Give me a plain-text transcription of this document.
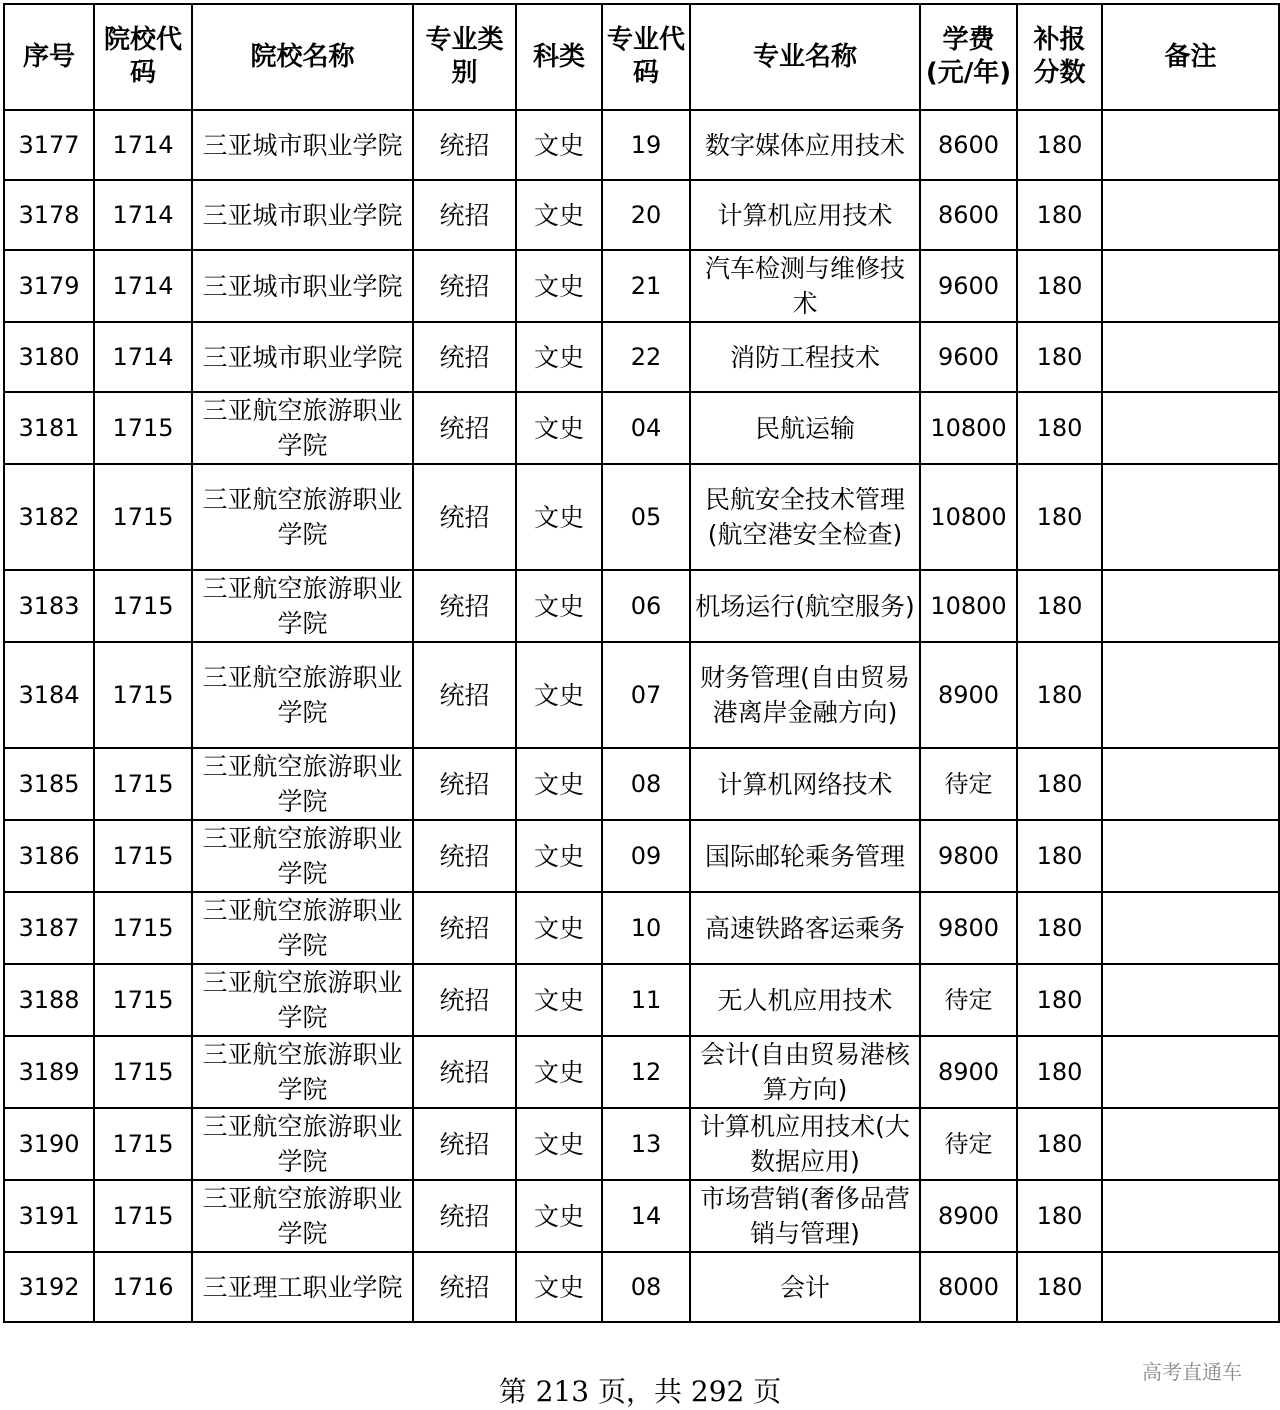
序号	院校代码	院校名称	专业类别	科类	专业代码	专业名称	学费(元/年)	补报分数	备注
3177	1714	三亚城市职业学院	统招	文史	19	数字媒体应用技术	8600	180	
3178	1714	三亚城市职业学院	统招	文史	20	计算机应用技术	8600	180	
3179	1714	三亚城市职业学院	统招	文史	21	汽车检测与维修技术	9600	180	
3180	1714	三亚城市职业学院	统招	文史	22	消防工程技术	9600	180	
3181	1715	三亚航空旅游职业学院	统招	文史	04	民航运输	10800	180	
3182	1715	三亚航空旅游职业学院	统招	文史	05	民航安全技术管理(航空港安全检查)	10800	180	
3183	1715	三亚航空旅游职业学院	统招	文史	06	机场运行(航空服务)	10800	180	
3184	1715	三亚航空旅游职业学院	统招	文史	07	财务管理(自由贸易港离岸金融方向)	8900	180	
3185	1715	三亚航空旅游职业学院	统招	文史	08	计算机网络技术	待定	180	
3186	1715	三亚航空旅游职业学院	统招	文史	09	国际邮轮乘务管理	9800	180	
3187	1715	三亚航空旅游职业学院	统招	文史	10	高速铁路客运乘务	9800	180	
3188	1715	三亚航空旅游职业学院	统招	文史	11	无人机应用技术	待定	180	
3189	1715	三亚航空旅游职业学院	统招	文史	12	会计(自由贸易港核算方向)	8900	180	
3190	1715	三亚航空旅游职业学院	统招	文史	13	计算机应用技术(大数据应用)	待定	180	
3191	1715	三亚航空旅游职业学院	统招	文史	14	市场营销(奢侈品营销与管理)	8900	180	
3192	1716	三亚理工职业学院	统招	文史	08	会计	8000	180	
第 213 页，共 292 页
高考直通车
